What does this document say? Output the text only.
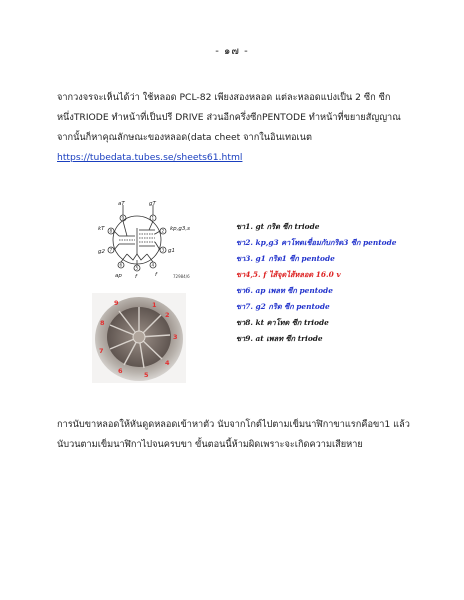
- ๑๗ -
จากวงจรจะเห็นได้ว่า ใช้หลอด PCL-82 เพียงสองหลอด แต่ละหลอดแบ่งเป็น 2 ซีก ซีกหนึ่งTRIODE ทำหน้าที่เป็นปรี DRIVE ส่วนอีกครึ่งซีกPENTODE ทำหน้าที่ขยายสัญญาณ จากนั้นก็หาคุณลักษณะของหลอด(data cheet จากในอินเทอเนต https://tubedata.tubes.se/sheets61.html
aT	gT
kT	kp,g3,s
g2	g1
ap f	f
9	1
8	2
7	3
6
5
4
72984/6
1
2
3
4
5
6
7
8
9
ขา1. gt กริด ซีก triode
ขา2. kp,g3 คาโทดเชื่อมกับกริด3 ซีก pentode
ขา3. g1 กริด1 ซีก pentode
ขา4,5. f ไส้จุดไส้หลอด 16.0 v
ขา6. ap เพลท ซีก pentode
ขา7. g2 กริด ซีก pentode
ขา8. kt คาโทด ซีก triode
ขา9. at เพลท ซีก triode
การนับขาหลอดให้หันดูดหลอดเข้าหาตัว นับจากโกต์ไปตามเข็มนาฬิกาขาแรกคือขา1 แล้วนับวนตามเข็มนาฬิกาไปจนครบขา ขั้นตอนนี้ห้ามผิดเพราะจะเกิดความเสียหาย
